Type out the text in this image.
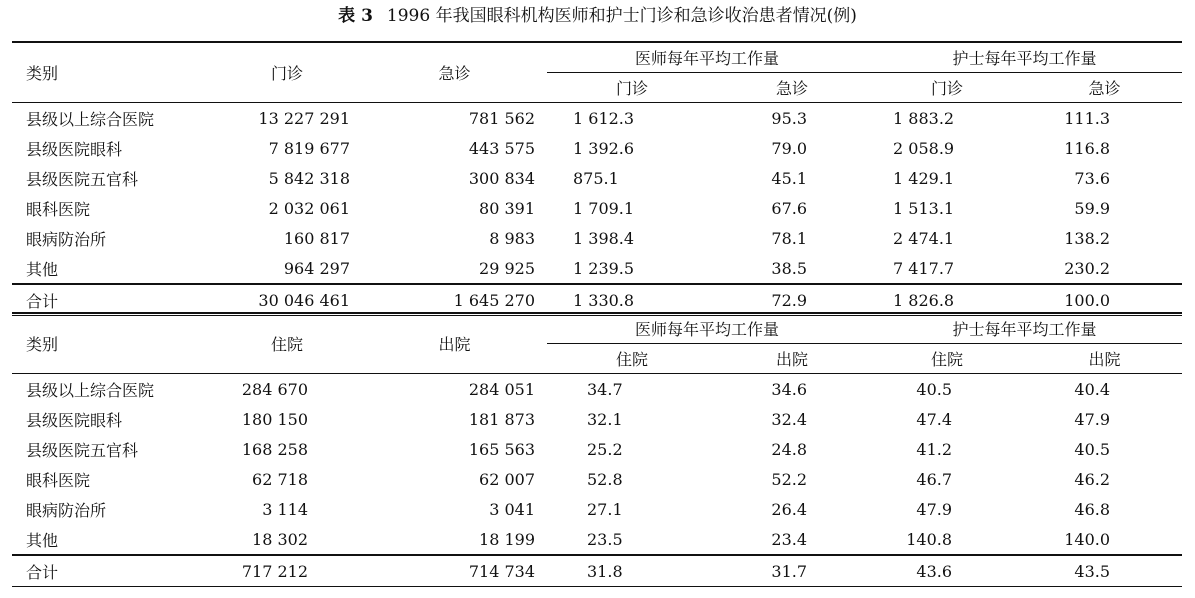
表 3 1996 年我国眼科机构医师和护士门诊和急诊收治患者情况(例)
类别	门诊	急诊	医师每年平均工作量		护士每年平均工作量	
			门诊	急诊	门诊	急诊
县级以上综合医院	13 227 291	781 562	1 612.3	95.3	1 883.2	111.3
县级医院眼科	7 819 677	443 575	1 392.6	79.0	2 058.9	116.8
县级医院五官科	5 842 318	300 834	875.1	45.1	1 429.1	73.6
眼科医院	2 032 061	80 391	1 709.1	67.6	1 513.1	59.9
眼病防治所	160 817	8 983	1 398.4	78.1	2 474.1	138.2
其他	964 297	29 925	1 239.5	38.5	7 417.7	230.2
合计	30 046 461	1 645 270	1 330.8	72.9	1 826.8	100.0
类别	住院	出院	医师每年平均工作量		护士每年平均工作量	
			住院	出院	住院	出院
县级以上综合医院	284 670	284 051	34.7	34.6	40.5	40.4
县级医院眼科	180 150	181 873	32.1	32.4	47.4	47.9
县级医院五官科	168 258	165 563	25.2	24.8	41.2	40.5
眼科医院	62 718	62 007	52.8	52.2	46.7	46.2
眼病防治所	3 114	3 041	27.1	26.4	47.9	46.8
其他	18 302	18 199	23.5	23.4	140.8	140.0
合计	717 212	714 734	31.8	31.7	43.6	43.5
